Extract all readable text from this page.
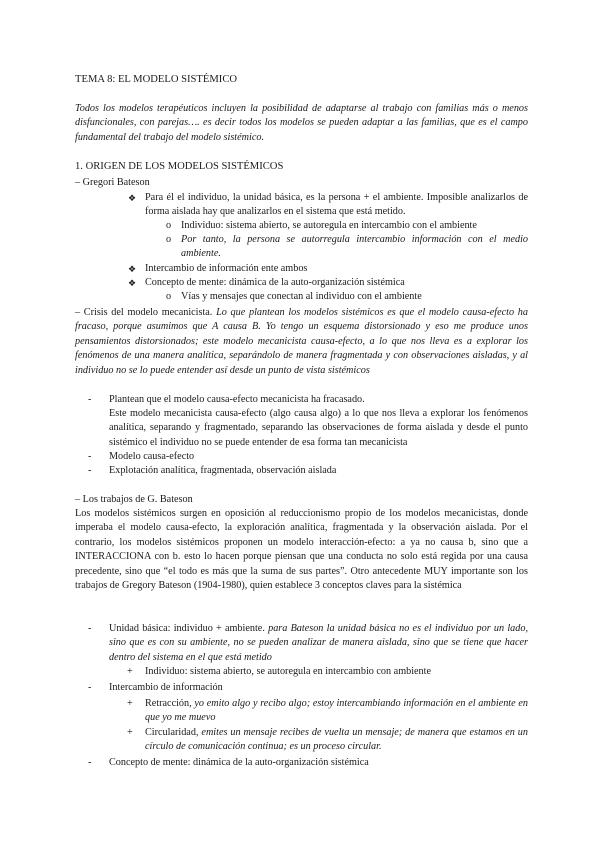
TEMA 8: EL MODELO SISTÉMICO
Todos los modelos terapéuticos incluyen la posibilidad de adaptarse al trabajo con familias más o menos disfuncionales, con parejas…. es decir todos los modelos se pueden adaptar a las familias, que es el campo fundamental del trabajo del modelo sistémico.
1. ORIGEN DE LOS MODELOS SISTÉMICOS
– Gregori Bateson
❖ Para él el individuo, la unidad básica, es la persona + el ambiente. Imposible analizarlos de forma aislada hay que analizarlos en el sistema que está metido.
o Individuo: sistema abierto, se autoregula en intercambio con el ambiente
o Por tanto, la persona se autorregula intercambio información con el medio ambiente.
❖ Intercambio de información ente ambos
❖ Concepto de mente: dinámica de la auto-organización sistémica
o Vías y mensajes que conectan al individuo con el ambiente
– Crisis del modelo mecanicista. Lo que plantean los modelos sistémicos es que el modelo causa-efecto ha fracaso, porque asumimos que A causa B. Yo tengo un esquema distorsionado y eso me produce unos pensamientos distorsionados; este modelo mecanicista causa-efecto, a lo que nos lleva es a explorar los fenómenos de una manera analítica, separándolo de manera fragmentada y con observaciones aisladas, y al individuo no se lo puede entender así desde un punto de vista sistémicos
- Plantean que el modelo causa-efecto mecanicista ha fracasado.
Este modelo mecanicista causa-efecto (algo causa algo) a lo que nos lleva a explorar los fenómenos analítica, separando y fragmentado, separando las observaciones de forma aislada y desde el punto sistémico el individuo no se puede entender de esa forma tan mecanicista
- Modelo causa-efecto
- Explotación analítica, fragmentada, observación aislada
– Los trabajos de G. Bateson
Los modelos sistémicos surgen en oposición al reduccionismo propio de los modelos mecanicistas, donde imperaba el modelo causa-efecto, la exploración analítica, fragmentada y la observación aislada. Por el contrario, los modelos sistémicos proponen un modelo interacción-efecto: a ya no causa b, sino que a INTERACCIONA con b. esto lo hacen porque piensan que una conducta no solo está regida por una causa precedente, sino que “el todo es más que la suma de sus partes”. Otro antecedente MUY importante son los trabajos de Gregory Bateson (1904-1980), quien establece 3 conceptos claves para la sistémica
- Unidad básica: individuo + ambiente. para Bateson la unidad básica no es el individuo por un lado, sino que es con su ambiente, no se pueden analizar de manera aislada, sino que se tiene que hacer dentro del sistema en el que está metido
+ Individuo: sistema abierto, se autoregula en intercambio con ambiente
- Intercambio de información
+ Retracción, yo emito algo y recibo algo; estoy intercambiando información en el ambiente en que yo me muevo
+ Circularidad, emites un mensaje recibes de vuelta un mensaje; de manera que estamos en un círculo de comunicación continua; es un proceso circular.
- Concepto de mente: dinámica de la auto-organización sistémica
